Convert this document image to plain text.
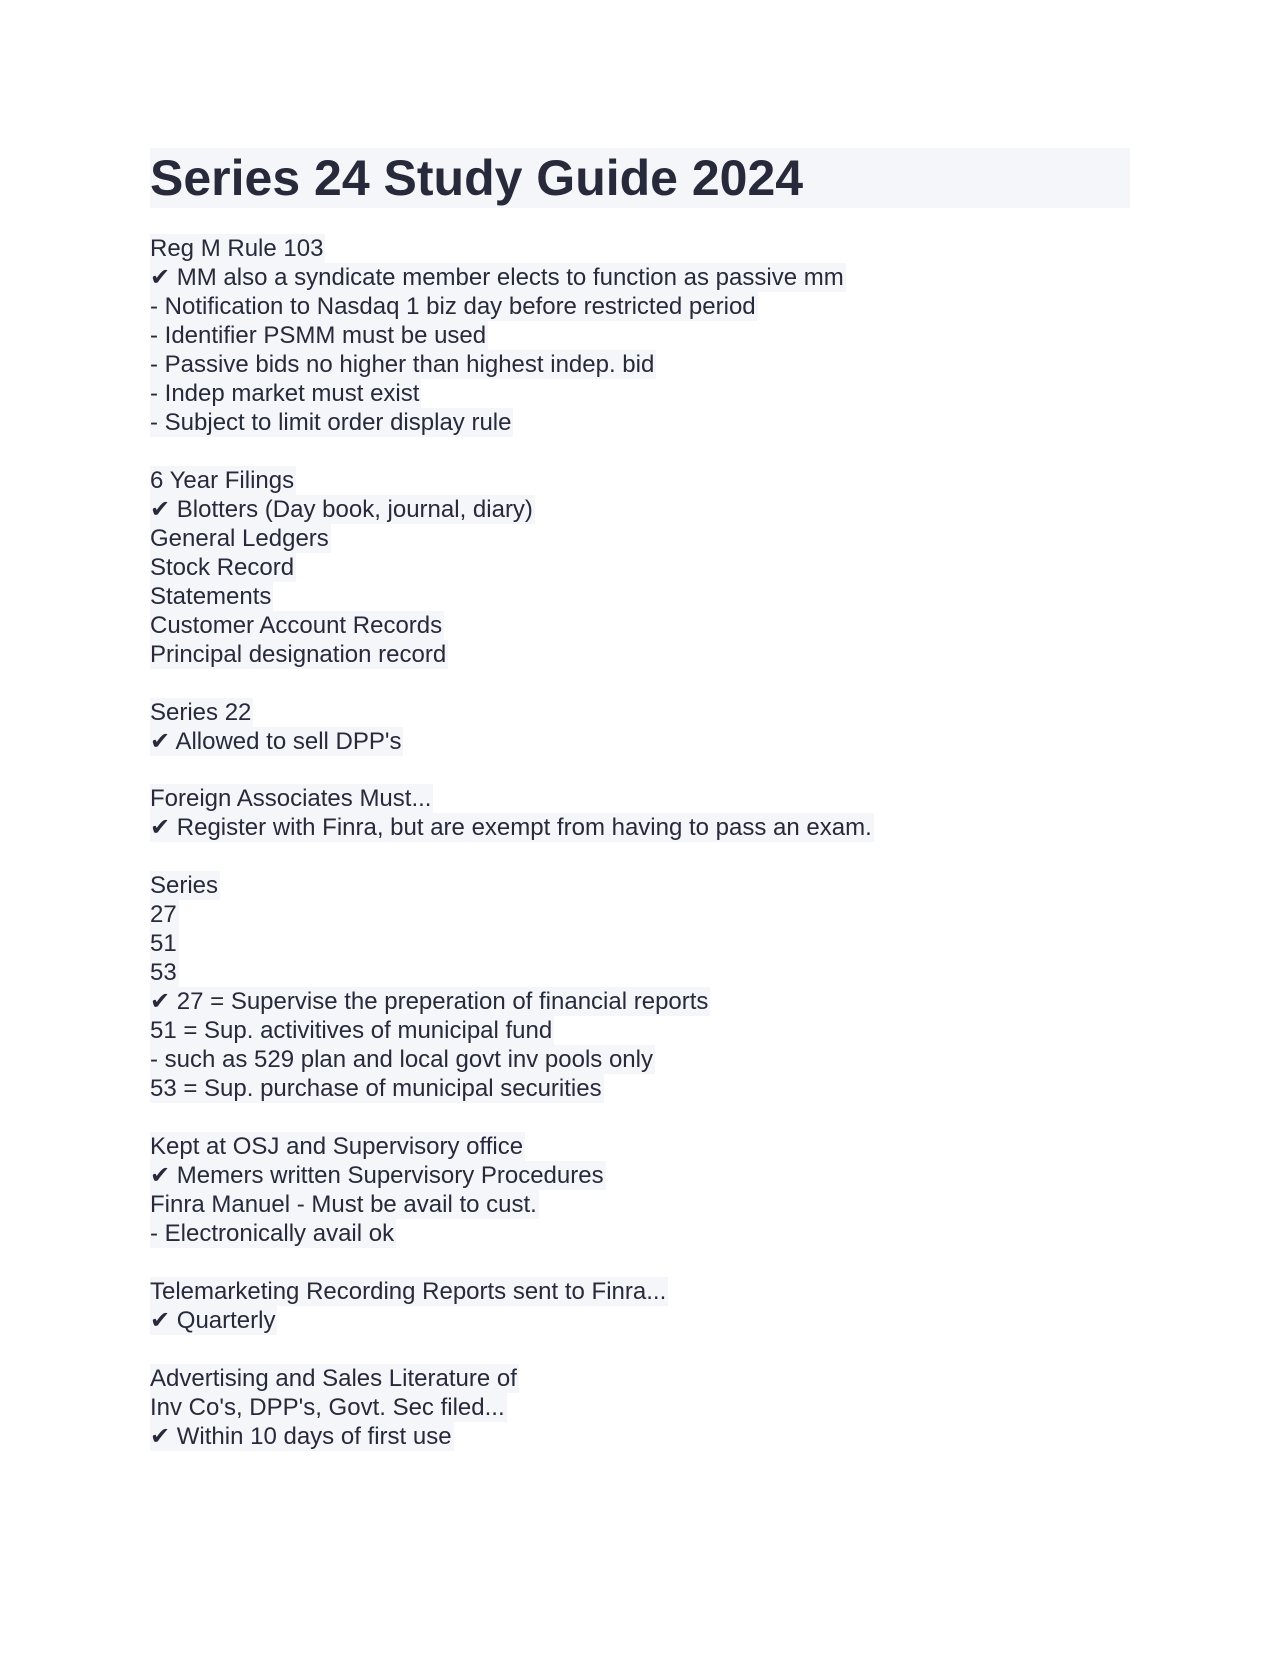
Series 24 Study Guide 2024
Reg M Rule 103
✔ MM also a syndicate member elects to function as passive mm
- Notification to Nasdaq 1 biz day before restricted period
- Identifier PSMM must be used
- Passive bids no higher than highest indep. bid
- Indep market must exist
- Subject to limit order display rule
6 Year Filings
✔ Blotters (Day book, journal, diary)
General Ledgers
Stock Record
Statements
Customer Account Records
Principal designation record
Series 22
✔ Allowed to sell DPP's
Foreign Associates Must...
✔ Register with Finra, but are exempt from having to pass an exam.
Series
27
51
53
✔ 27 = Supervise the preperation of financial reports
51 = Sup. activitives of municipal fund
- such as 529 plan and local govt inv pools only
53 = Sup. purchase of municipal securities
Kept at OSJ and Supervisory office
✔ Memers written Supervisory Procedures
Finra Manuel - Must be avail to cust.
- Electronically avail ok
Telemarketing Recording Reports sent to Finra...
✔ Quarterly
Advertising and Sales Literature of
Inv Co's, DPP's, Govt. Sec filed...
✔ Within 10 days of first use
